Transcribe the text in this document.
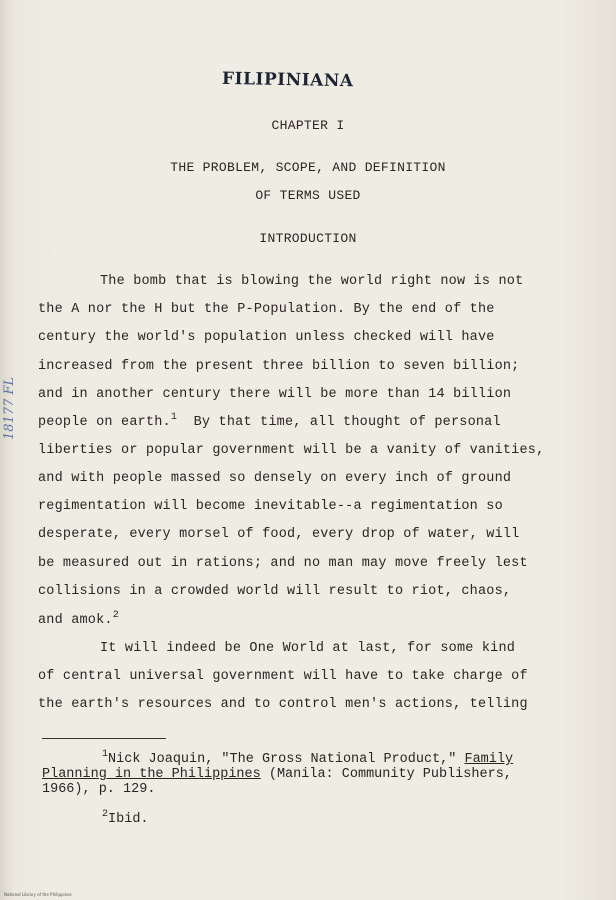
FILIPINIANA
CHAPTER I
THE PROBLEM, SCOPE, AND DEFINITION
OF TERMS USED
INTRODUCTION
The bomb that is blowing the world right now is not
the A nor the H but the P-Population. By the end of the
century the world's population unless checked will have
increased from the present three billion to seven billion;
and in another century there will be more than 14 billion
people on earth.$^1$  By that time, all thought of personal
liberties or popular government will be a vanity of vanities,
and with people massed so densely on every inch of ground
regimentation will become inevitable--a regimentation so
desperate, every morsel of food, every drop of water, will
be measured out in rations; and no man may move freely lest
collisions in a crowded world will result to riot, chaos,
and amok.$^2$
It will indeed be One World at last, for some kind
of central universal government will have to take charge of
the earth's resources and to control men's actions, telling
$^1$Nick Joaquin, "The Gross National Product," Family
Planning in the Philippines (Manila: Community Publishers,
1966), p. 129.
$^2$Ibid.
18177 FL
National Library of the Philippines
